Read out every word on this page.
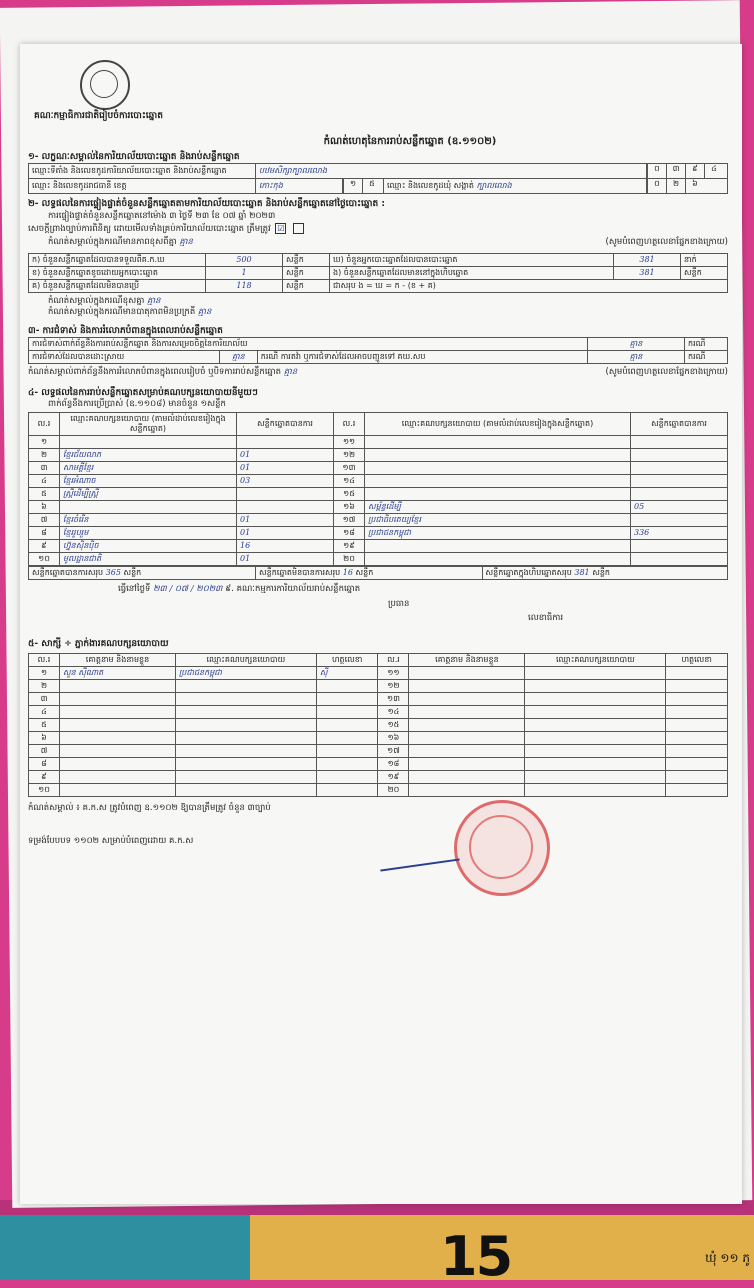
15	ឃុំ ១១ ភូ
គណៈកម្មាធិការជាតិរៀបចំការបោះឆ្នោត
កំណត់ហេតុនៃការរាប់សន្លឹកឆ្នោត (ឧ.១១០២)
១- លក្ខណៈសម្គាល់នៃការិយាល័យបោះឆ្នោត និងរាប់សន្លឹកឆ្នោត
ឈ្មោះទីតាំង និងលេខកូដការិយាល័យបោះឆ្នោត និងរាប់សន្លឹកឆ្នោត	បឋមសិក្សាក្បាលលោង			០ ៣ ៩ ៤
ឈ្មោះ និងលេខកូដរាជធានី ខេត្ត	កោះកុង	១ ៥	ឈ្មោះ និងលេខកូដឃុំ សង្កាត់ ក្បាលលោង	០ ២ ៦
២- លទ្ធផលនៃការផ្ទៀងផ្ទាត់ចំនួនសន្លឹកឆ្នោតតាមការិយាល័យបោះឆ្នោត និងរាប់សន្លឹកឆ្នោតនៅថ្ងៃបោះឆ្នោត :
ការផ្ទៀងផ្ទាត់ចំនួនសន្លឹកឆ្នោតនៅម៉ោង ៣ ថ្ងៃទី ២៣ ខែ ០៧ ឆ្នាំ ២០២៣
សេចក្ដីព្រាងច្បាប់ការពិនិត្យ ដោយមើលទាំងគ្រប់ការិយាល័យបោះឆ្នោត ត្រឹមត្រូវ ☑
កំណត់សម្គាល់ក្នុងករណីមានភាពខុសពីគ្នា គ្មាន	(សូមបំពេញហត្ថលេខាផ្នែកខាងក្រោយ)
ក) ចំនួនសន្លឹកឆ្នោតដែលបានទទួលពីគ.ក.ឃ	500	សន្លឹក	ឃ) ចំនួនអ្នកបោះឆ្នោតដែលបានបោះឆ្នោត	381	នាក់
ខ) ចំនួនសន្លឹកឆ្នោតខូចដោយអ្នកបោះឆ្នោត	1	សន្លឹក	ង) ចំនួនសន្លឹកឆ្នោតដែលមាននៅក្នុងហិបឆ្នោត	381	សន្លឹក
គ) ចំនួនសន្លឹកឆ្នោតដែលមិនបានប្រើ	118	សន្លឹក	ជាសរុប ង = ឃ = ក - (ខ + គ)		
កំណត់សម្គាល់ក្នុងករណីខុសគ្នា គ្មាន
កំណត់សម្គាល់ក្នុងករណីមានបាតុភាពមិនប្រក្រតី គ្មាន
៣- ការជំទាស់ និងការរំលោភបំពានក្នុងពេលរាប់សន្លឹកឆ្នោត
ការជំទាស់ពាក់ព័ន្ធនឹងការរាប់សន្លឹកឆ្នោត និងការសម្រេចចិត្តនៃការិយាល័យ			គ្មាន	ករណី
ការជំទាស់ដែលបានដោះស្រាយ	គ្មាន	ករណី ការតវ៉ា ឬការជំទាស់ដែលអាចបញ្ជូនទៅ គឃ.សប	គ្មាន	ករណី
កំណត់សម្គាល់ពាក់ព័ន្ធនឹងការរំលោភបំពានក្នុងពេលរៀបចំ ឬបិទការរាប់សន្លឹកឆ្នោត គ្មាន	(សូមបំពេញហត្ថលេខាផ្នែកខាងក្រោយ)
៤- លទ្ធផលនៃការរាប់សន្លឹកឆ្នោតសម្រាប់គណបក្សនយោបាយនីមួយៗ
ពាក់ព័ន្ធនឹងការប្រើប្រាស់ (ឧ.១១០៨) មានចំនួន ១សន្លឹក
ល.រ	ឈ្មោះគណបក្សនយោបាយ (តាមលំដាប់លេខរៀងក្នុងសន្លឹកឆ្នោត)	សន្លឹកឆ្នោតបានការ	ល.រ	ឈ្មោះគណបក្សនយោបាយ (តាមលំដាប់លេខរៀងក្នុងសន្លឹកឆ្នោត)	សន្លឹកឆ្នោតបានការ
១			១១		
២	ខ្មែរជ័យលាភ	01	១២		
៣	សាមគ្គីខ្មែរ	01	១៣		
៤	ខ្មែរអំណាច	03	១៤		
៥	ស្រ្តីដើម្បីស្រ្តី		១៥		
៦			១៦	សម្ព័ន្ធដើម្បី	05
៧	ខ្មែរចំរើន	01	១៧	ប្រជាធិបតេយ្យខ្មែរ	
៨	ខ្មែររួបរួម	01	១៨	ប្រជាជនកម្ពុជា	336
៩	ហ្វ៊ុនស៊ិនប៉ិច	16	១៩		
១០	មូលដ្ឋានជាតិ	01	២០		
សន្លឹកឆ្នោតបានការសរុប 365 សន្លឹក	សន្លឹកឆ្នោតមិនបានការសរុប 16 សន្លឹក	សន្លឹកឆ្នោតក្នុងហិបឆ្នោតសរុប 381 សន្លឹក
ធ្វើនៅថ្ងៃទី ២៣ / ០៧ / ២០២៣ ៩. គណៈកម្មការការិយាល័យរាប់សន្លឹកឆ្នោត
ប្រធាន
លេខាធិការ
៥- សាក្សី ÷ ភ្នាក់ងារគណបក្សនយោបាយ
ល.រ	គោត្តនាម និងនាមខ្លួន	ឈ្មោះគណបក្សនយោបាយ	ហត្ថលេខា	ល.រ	គោត្តនាម និងនាមខ្លួន	ឈ្មោះគណបក្សនយោបាយ	ហត្ថលេខា
១	សួន ស៊ីណាត	ប្រជាជនកម្ពុជា	ស៊ី	១១			
២				១២			
៣				១៣			
៤				១៤			
៥				១៥			
៦				១៦			
៧				១៧			
៨				១៨			
៩				១៩			
១០				២០			
កំណត់សម្គាល់ ៖ គ.ក.ស ត្រូវបំពេញ ឧ.១១០២ ឱ្យបានត្រឹមត្រូវ ចំនួន ៣ច្បាប់
ទម្រង់បែបបទ ១១០២ សម្រាប់បំពេញដោយ គ.ក.ស
